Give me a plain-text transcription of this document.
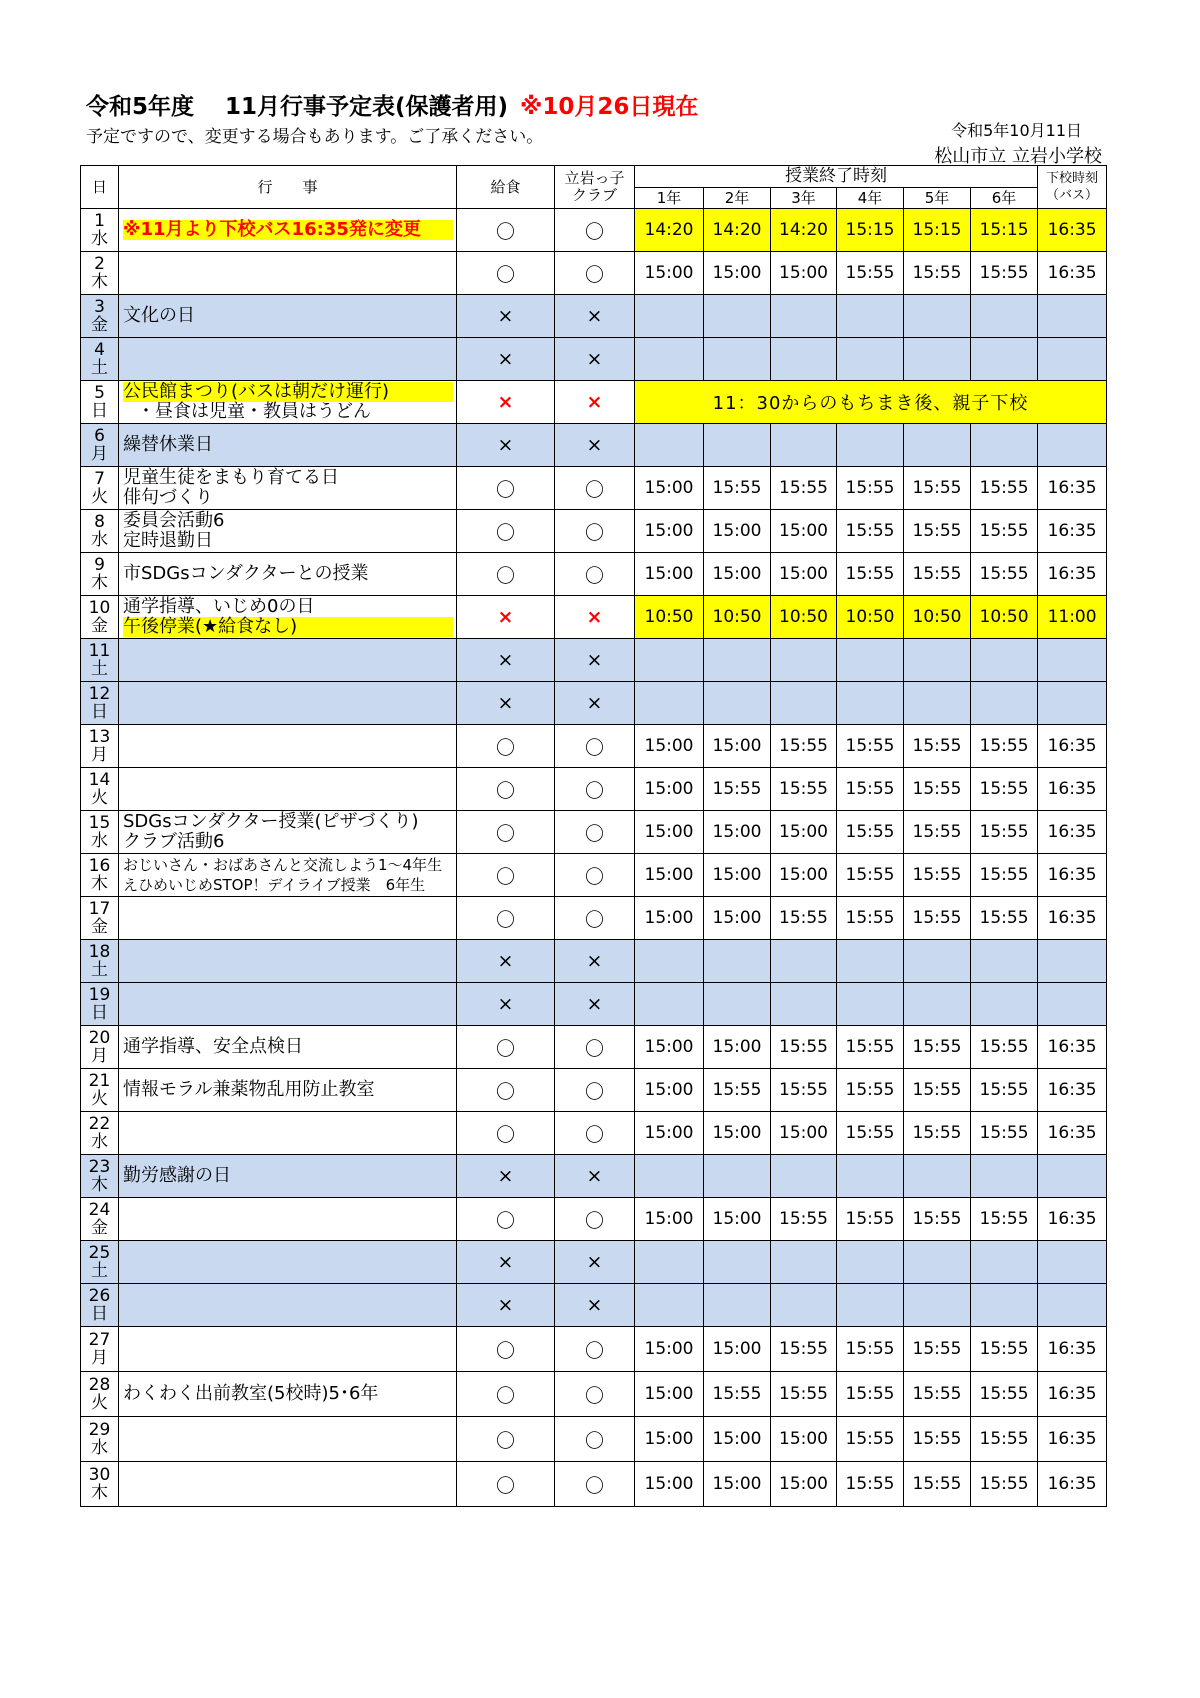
令和5年度　 11月行事予定表(保護者用) ※10月26日現在
予定ですので、変更する場合もあります。ご了承ください。	令和5年10月11日
松山市立 立岩小学校
日	行　　事	給食	立岩っ子
クラブ	授業終了時刻						下校時刻
（バス）
				1年	2年	3年	4年	5年	6年	
1
水	※11月より下校バス16:35発に変更	〇	〇	14:20	14:20	14:20	15:15	15:15	15:15	16:35
2
木		〇	〇	15:00	15:00	15:00	15:55	15:55	15:55	16:35
3
金	文化の日	×	×							
4
土		×	×							
5
日	公民館まつり(バスは朝だけ運行)
・昼食は児童・教員はうどん	×	×	11：30からのもちまき後、親子下校						
6
月	繰替休業日	×	×							
7
火	児童生徒をまもり育てる日
俳句づくり	〇	〇	15:00	15:55	15:55	15:55	15:55	15:55	16:35
8
水	委員会活動6
定時退勤日	〇	〇	15:00	15:00	15:00	15:55	15:55	15:55	16:35
9
木	市SDGsコンダクターとの授業	〇	〇	15:00	15:00	15:00	15:55	15:55	15:55	16:35
10
金	通学指導、いじめ0の日
午後停業(★給食なし)	×	×	10:50	10:50	10:50	10:50	10:50	10:50	11:00
11
土		×	×							
12
日		×	×							
13
月		〇	〇	15:00	15:00	15:55	15:55	15:55	15:55	16:35
14
火		〇	〇	15:00	15:55	15:55	15:55	15:55	15:55	16:35
15
水	SDGsコンダクター授業(ピザづくり)
クラブ活動6	〇	〇	15:00	15:00	15:00	15:55	15:55	15:55	16:35
16
木	おじいさん・おばあさんと交流しよう1～4年生
えひめいじめSTOP！デイライブ授業　6年生	〇	〇	15:00	15:00	15:00	15:55	15:55	15:55	16:35
17
金		〇	〇	15:00	15:00	15:55	15:55	15:55	15:55	16:35
18
土		×	×							
19
日		×	×							
20
月	通学指導、安全点検日	〇	〇	15:00	15:00	15:55	15:55	15:55	15:55	16:35
21
火	情報モラル兼薬物乱用防止教室	〇	〇	15:00	15:55	15:55	15:55	15:55	15:55	16:35
22
水		〇	〇	15:00	15:00	15:00	15:55	15:55	15:55	16:35
23
木	勤労感謝の日	×	×							
24
金		〇	〇	15:00	15:00	15:55	15:55	15:55	15:55	16:35
25
土		×	×							
26
日		×	×							
27
月		〇	〇	15:00	15:00	15:55	15:55	15:55	15:55	16:35
28
火	わくわく出前教室(5校時)5･6年	〇	〇	15:00	15:55	15:55	15:55	15:55	15:55	16:35
29
水		〇	〇	15:00	15:00	15:00	15:55	15:55	15:55	16:35
30
木		〇	〇	15:00	15:00	15:00	15:55	15:55	15:55	16:35
